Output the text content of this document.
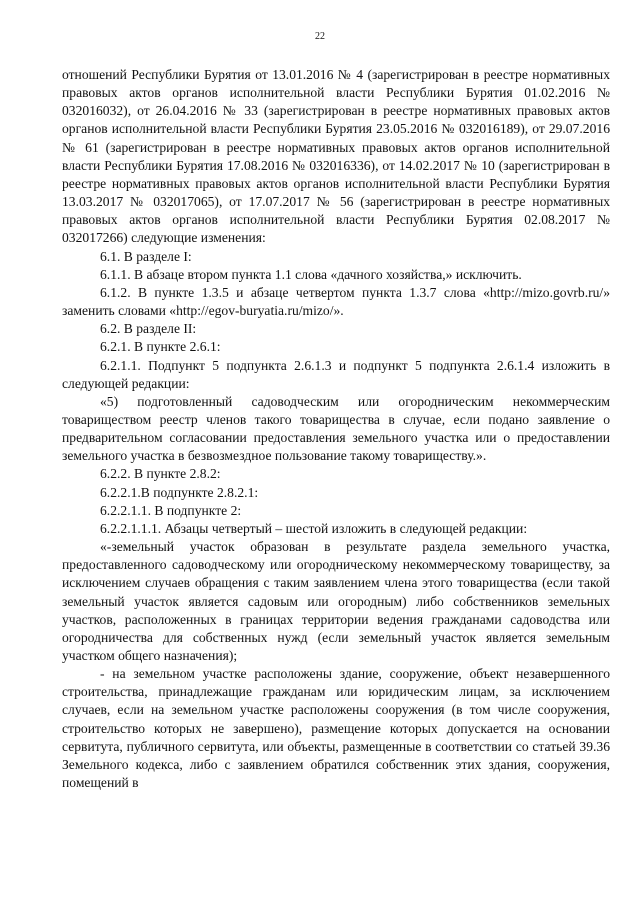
22

отношений Республики Бурятия от 13.01.2016 № 4 (зарегистрирован в реестре нормативных правовых актов органов исполнительной власти Республики Бурятия 01.02.2016 № 032016032), от 26.04.2016 № 33 (зарегистрирован в реестре нормативных правовых актов органов исполнительной власти Республики Бурятия 23.05.2016 № 032016189), от 29.07.2016 № 61 (зарегистрирован в реестре нормативных правовых актов органов исполнительной власти Республики Бурятия 17.08.2016 № 032016336), от 14.02.2017 № 10 (зарегистрирован в реестре нормативных правовых актов органов исполнительной власти Республики Бурятия 13.03.2017 № 032017065), от 17.07.2017 № 56 (зарегистрирован в реестре нормативных правовых актов органов исполнительной власти Республики Бурятия 02.08.2017 № 032017266) следующие изменения:

6.1. В разделе I:

6.1.1. В абзаце втором пункта 1.1 слова «дачного хозяйства,» исключить.

6.1.2. В пункте 1.3.5 и абзаце четвертом пункта 1.3.7 слова «http://mizo.govrb.ru/» заменить словами «http://egov-buryatia.ru/mizo/».

6.2. В разделе II:

6.2.1. В пункте 2.6.1:

6.2.1.1. Подпункт 5 подпункта 2.6.1.3 и подпункт 5 подпункта 2.6.1.4 изложить в следующей редакции:

«5) подготовленный садоводческим или огородническим некоммерческим товариществом реестр членов такого товарищества в случае, если подано заявление о предварительном согласовании предоставления земельного участка или о предоставлении земельного участка в безвозмездное пользование такому товариществу.».

6.2.2. В пункте 2.8.2:

6.2.2.1.В подпункте 2.8.2.1:

6.2.2.1.1. В подпункте 2:

6.2.2.1.1.1. Абзацы четвертый – шестой изложить в следующей редакции:

«-земельный участок образован в результате раздела земельного участка, предоставленного садоводческому или огородническому некоммерческому товариществу, за исключением случаев обращения с таким заявлением члена этого товарищества (если такой земельный участок является садовым или огородным) либо собственников земельных участков, расположенных в границах территории ведения гражданами садоводства или огородничества для собственных нужд (если земельный участок является земельным участком общего назначения);

- на земельном участке расположены здание, сооружение, объект незавершенного строительства, принадлежащие гражданам или юридическим лицам, за исключением случаев, если на земельном участке расположены сооружения (в том числе сооружения, строительство которых не завершено), размещение которых допускается на основании сервитута, публичного сервитута, или объекты, размещенные в соответствии со статьей 39.36 Земельного кодекса, либо с заявлением обратился собственник этих здания, сооружения, помещений в
